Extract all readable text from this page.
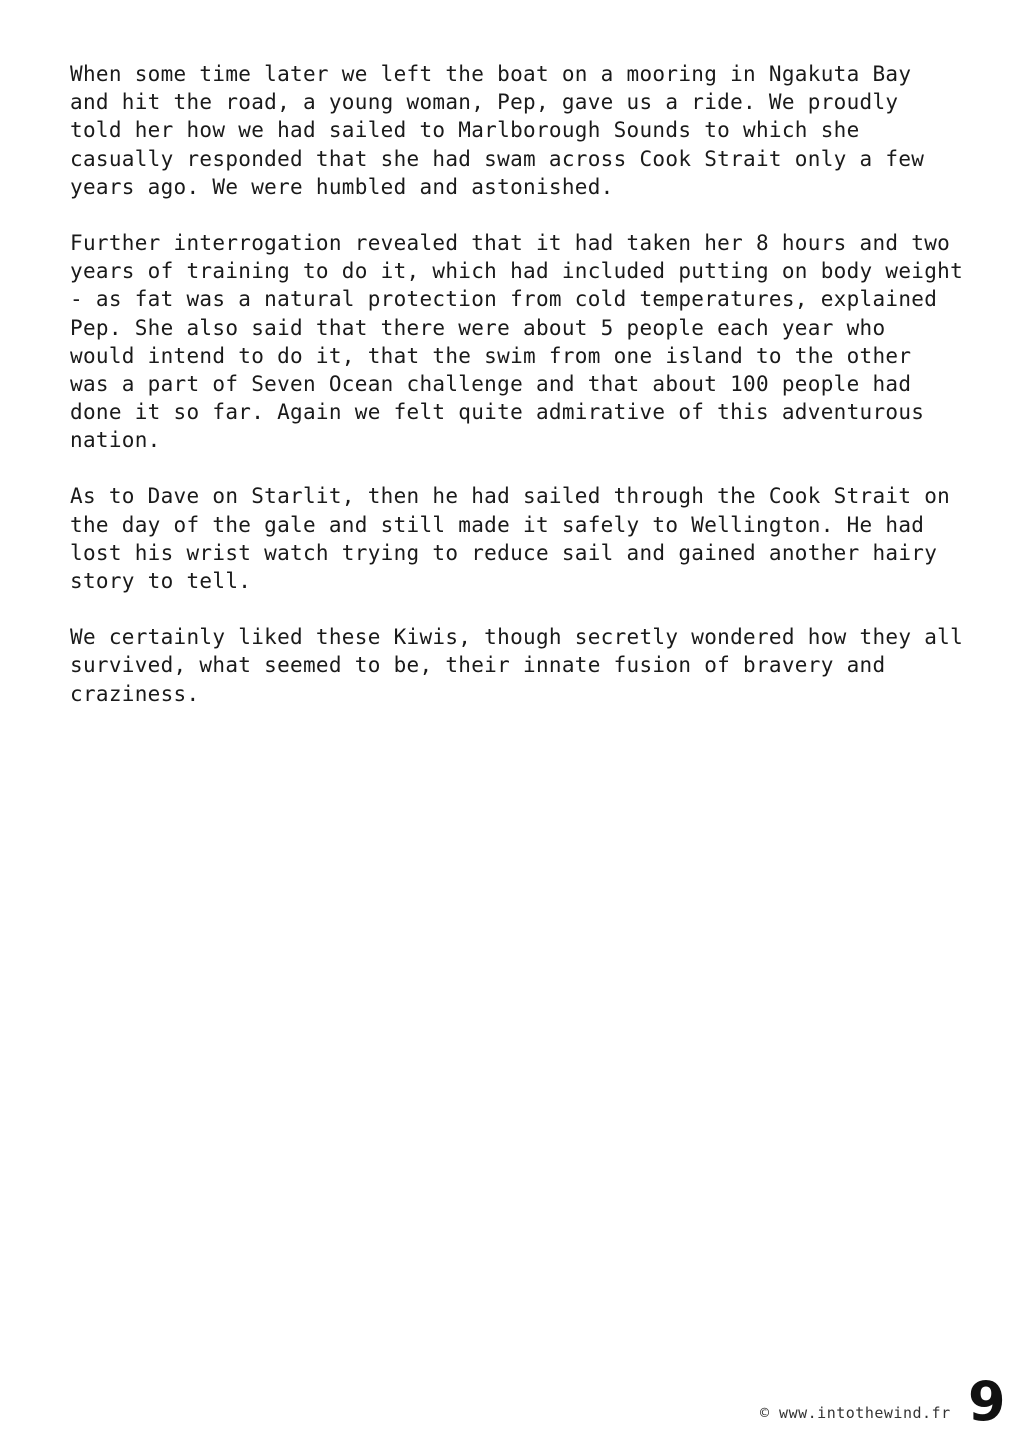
When some time later we left the boat on a mooring in Ngakuta Bay
and hit the road, a young woman, Pep, gave us a ride. We proudly
told her how we had sailed to Marlborough Sounds to which she
casually responded that she had swam across Cook Strait only a few
years ago. We were humbled and astonished.

Further interrogation revealed that it had taken her 8 hours and two
years of training to do it, which had included putting on body weight
- as fat was a natural protection from cold temperatures, explained
Pep. She also said that there were about 5 people each year who
would intend to do it, that the swim from one island to the other
was a part of Seven Ocean challenge and that about 100 people had
done it so far. Again we felt quite admirative of this adventurous
nation.

As to Dave on Starlit, then he had sailed through the Cook Strait on
the day of the gale and still made it safely to Wellington. He had
lost his wrist watch trying to reduce sail and gained another hairy
story to tell.

We certainly liked these Kiwis, though secretly wondered how they all
survived, what seemed to be, their innate fusion of bravery and
craziness.

© www.intothewind.fr 9
